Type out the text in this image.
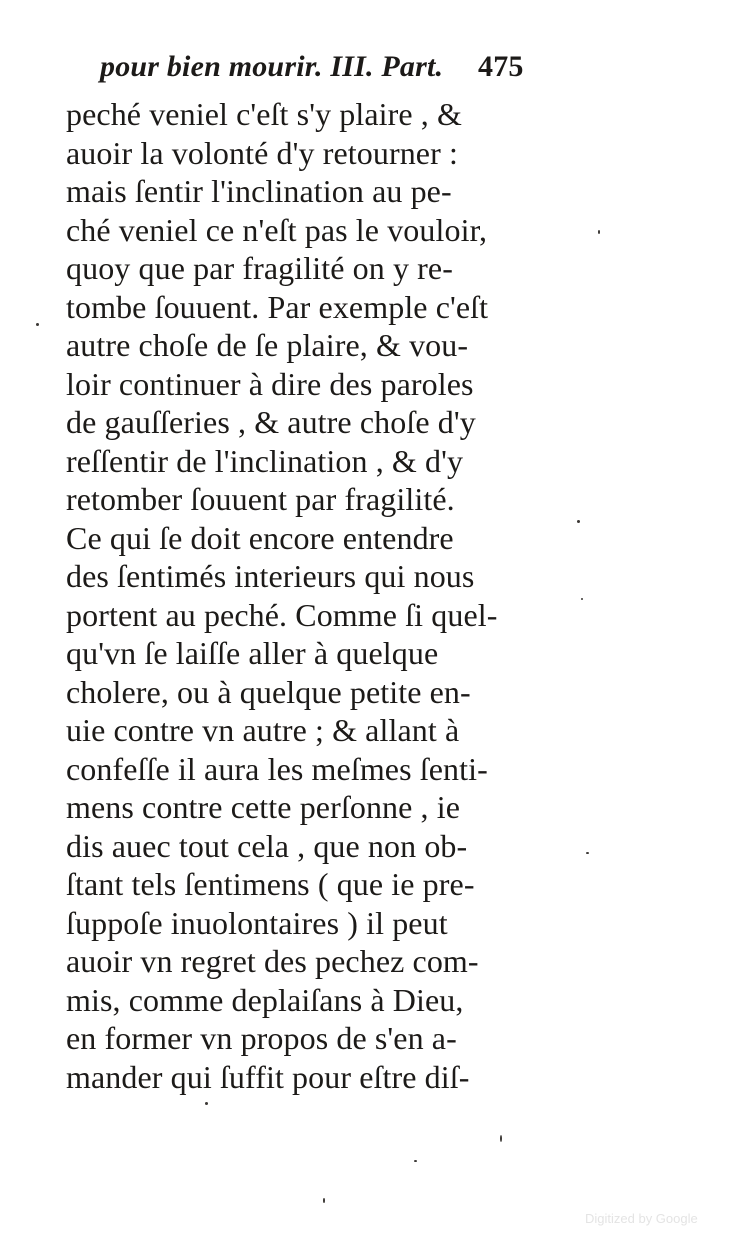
pour bien mourir. III. Part. 475
peché veniel c'eſt s'y plaire , &
auoir la volonté d'y retourner :
mais ſentir l'inclination au pe-
ché veniel ce n'eſt pas le vouloir,
quoy que par fragilité on y re-
tombe ſouuent. Par exemple c'eſt
autre choſe de ſe plaire, & vou-
loir continuer à dire des paroles
de gauſſeries , & autre choſe d'y
reſſentir de l'inclination , & d'y
retomber ſouuent par fragilité.
Ce qui ſe doit encore entendre
des ſentimés interieurs qui nous
portent au peché. Comme ſi quel-
qu'vn ſe laiſſe aller à quelque
cholere, ou à quelque petite en-
uie contre vn autre ; & allant à
confeſſe il aura les meſmes ſenti-
mens contre cette perſonne , ie
dis auec tout cela , que non ob-
ſtant tels ſentimens ( que ie pre-
ſuppoſe inuolontaires ) il peut
auoir vn regret des pechez com-
mis, comme deplaiſans à Dieu,
en former vn propos de s'en a-
mander qui ſuffit pour eſtre diſ-
Digitized by Google
